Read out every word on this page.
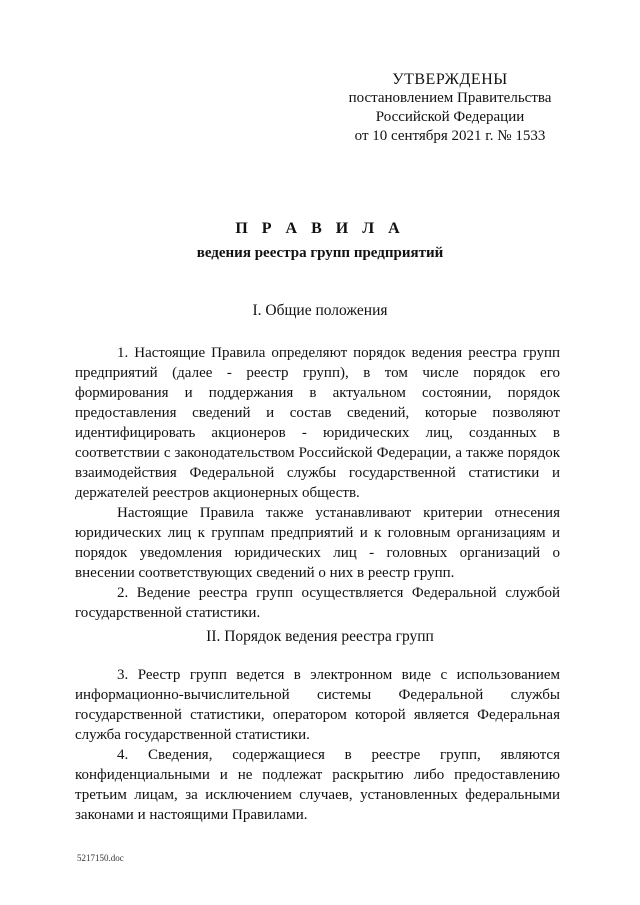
УТВЕРЖДЕНЫ
постановлением Правительства
Российской Федерации
от 10 сентября 2021 г. № 1533
П Р А В И Л А
ведения реестра групп предприятий
I. Общие положения

1. Настоящие Правила определяют порядок ведения реестра групп предприятий (далее - реестр групп), в том числе порядок его формирования и поддержания в актуальном состоянии, порядок предоставления сведений и состав сведений, которые позволяют идентифицировать акционеров - юридических лиц, созданных в соответствии с законодательством Российской Федерации, а также порядок взаимодействия Федеральной службы государственной статистики и держателей реестров акционерных обществ.

Настоящие Правила также устанавливают критерии отнесения юридических лиц к группам предприятий и к головным организациям и порядок уведомления юридических лиц - головных организаций о внесении соответствующих сведений о них в реестр групп.

2. Ведение реестра групп осуществляется Федеральной службой государственной статистики.

II. Порядок ведения реестра групп

3. Реестр групп ведется в электронном виде с использованием информационно-вычислительной системы Федеральной службы государственной статистики, оператором которой является Федеральная служба государственной статистики.

4. Сведения, содержащиеся в реестре групп, являются конфиденциальными и не подлежат раскрытию либо предоставлению третьим лицам, за исключением случаев, установленных федеральными законами и настоящими Правилами.

5217150.doc
